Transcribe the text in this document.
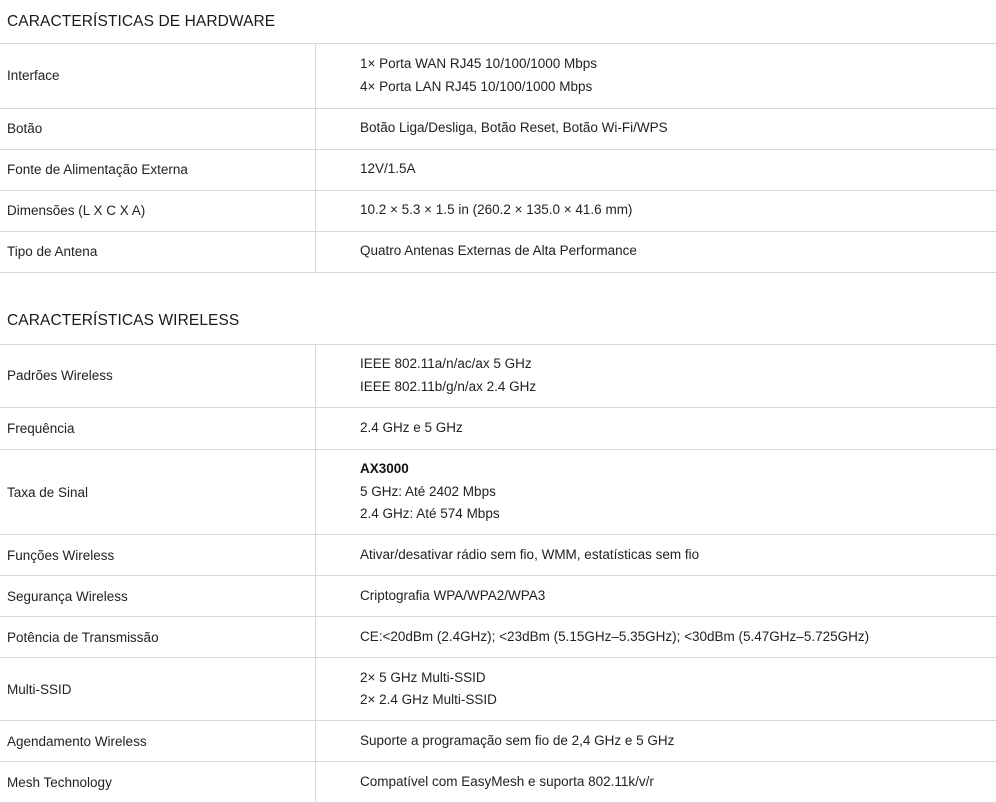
CARACTERÍSTICAS DE HARDWARE
Interface	1× Porta WAN RJ45 10/100/1000 Mbps
4× Porta LAN RJ45 10/100/1000 Mbps

Botão	Botão Liga/Desliga, Botão Reset, Botão Wi-Fi/WPS

Fonte de Alimentação Externa	12V/1.5A

Dimensões (L X C X A)	10.2 × 5.3 × 1.5 in (260.2 × 135.0 × 41.6 mm)

Tipo de Antena	Quatro Antenas Externas de Alta Performance
CARACTERÍSTICAS WIRELESS
Padrões Wireless	IEEE 802.11a/n/ac/ax 5 GHz
IEEE 802.11b/g/n/ax 2.4 GHz

Frequência	2.4 GHz e 5 GHz

Taxa de Sinal	AX3000
5 GHz: Até 2402 Mbps
2.4 GHz: Até 574 Mbps

Funções Wireless	Ativar/desativar rádio sem fio, WMM, estatísticas sem fio

Segurança Wireless	Criptografia WPA/WPA2/WPA3

Potência de Transmissão	CE:<20dBm (2.4GHz); <23dBm (5.15GHz–5.35GHz); <30dBm (5.47GHz–5.725GHz)

Multi-SSID	2× 5 GHz Multi-SSID
2× 2.4 GHz Multi-SSID

Agendamento Wireless	Suporte a programação sem fio de 2,4 GHz e 5 GHz

Mesh Technology	Compatível com EasyMesh e suporta 802.11k/v/r
